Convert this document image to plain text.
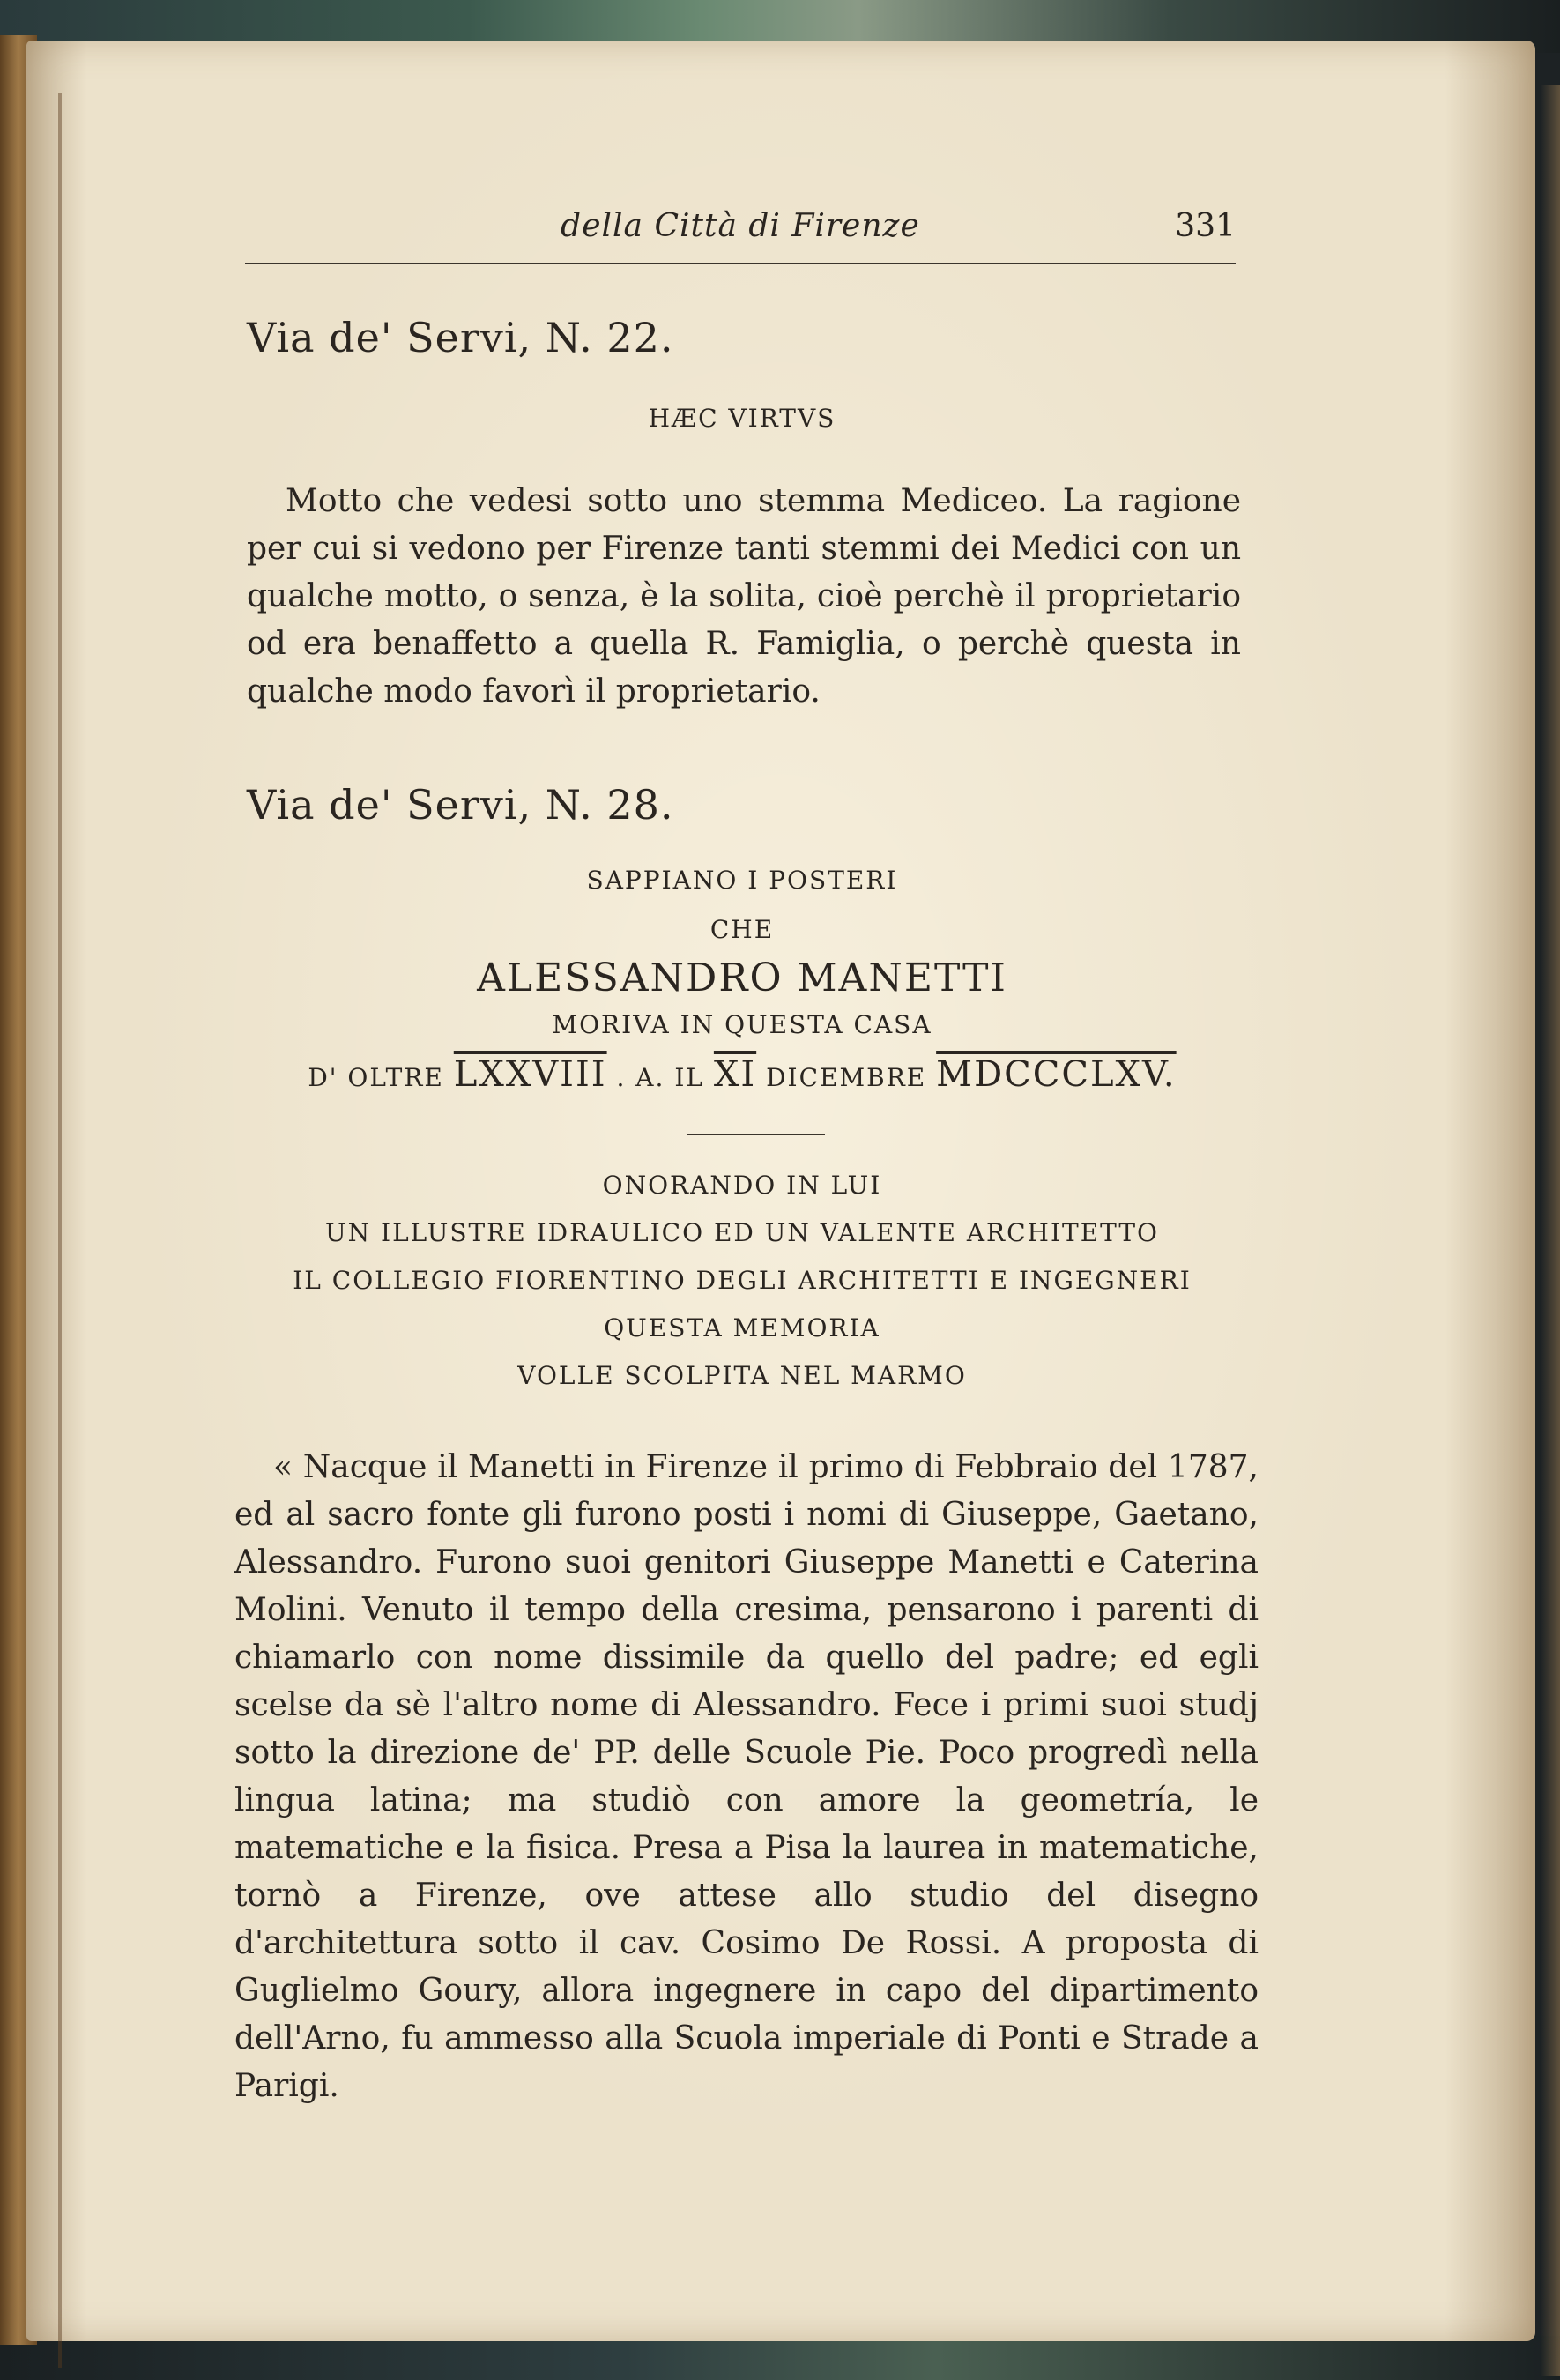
della Città di Firenze	331
Via de' Servi, N. 22.
HÆC VIRTVS

Motto che vedesi sotto uno stemma Mediceo. La ragione per cui si vedono per Firenze tanti stemmi dei Medici con un qualche motto, o senza, è la solita, cioè perchè il proprietario od era benaffetto a quella R. Famiglia, o perchè questa in qualche modo favorì il proprietario.

Via de' Servi, N. 28.
SAPPIANO I POSTERI
CHE
ALESSANDRO MANETTI
MORIVA IN QUESTA CASA
D' OLTRE LXXVIII . A. IL $\overline{XI}$ DICEMBRE MDCCCLXV.
ONORANDO IN LUI
UN ILLUSTRE IDRAULICO ED UN VALENTE ARCHITETTO
IL COLLEGIO FIORENTINO DEGLI ARCHITETTI E INGEGNERI
QUESTA MEMORIA
VOLLE SCOLPITA NEL MARMO

« Nacque il Manetti in Firenze il primo di Febbraio del 1787, ed al sacro fonte gli furono posti i nomi di Giuseppe, Gaetano, Alessandro. Furono suoi genitori Giuseppe Manetti e Caterina Molini. Venuto il tempo della cresima, pensarono i parenti di chiamarlo con nome dissimile da quello del padre; ed egli scelse da sè l'altro nome di Alessandro. Fece i primi suoi studj sotto la direzione de' PP. delle Scuole Pie. Poco progredì nella lingua latina; ma studiò con amore la geometría, le matematiche e la fisica. Presa a Pisa la laurea in matematiche, tornò a Firenze, ove attese allo studio del disegno d'architettura sotto il cav. Cosimo De Rossi. A proposta di Guglielmo Goury, allora ingegnere in capo del dipartimento dell'Arno, fu ammesso alla Scuola imperiale di Ponti e Strade a Parigi.
